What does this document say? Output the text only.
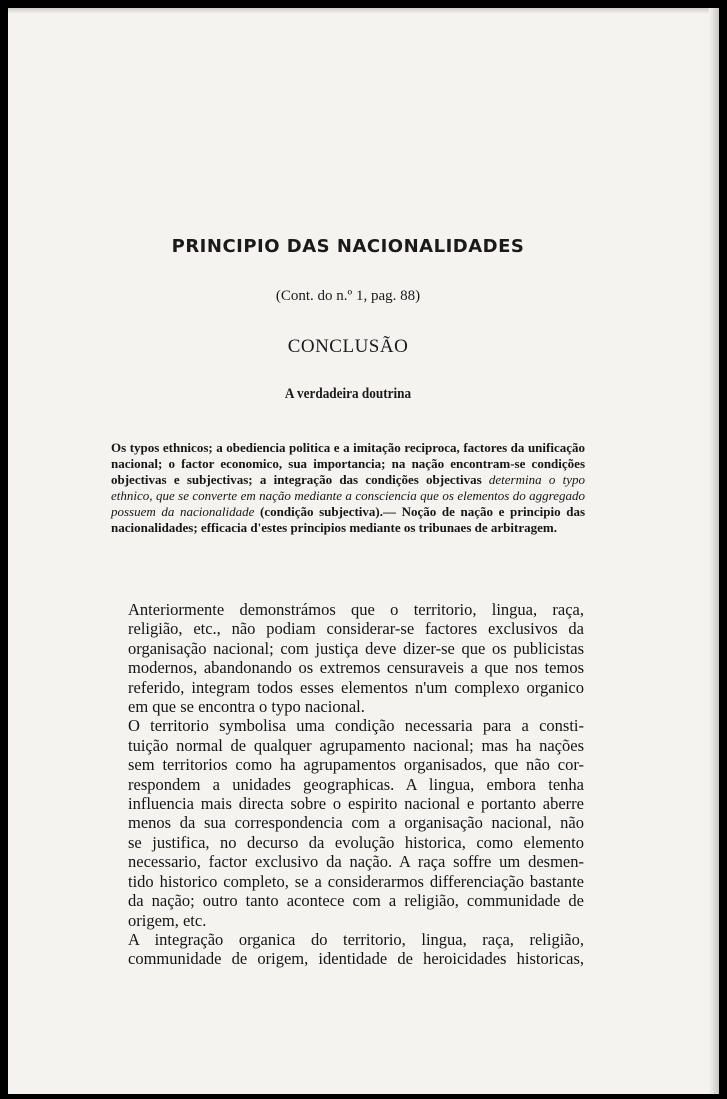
PRINCIPIO DAS NACIONALIDADES
(Cont. do n.º 1, pag. 88)
CONCLUSÃO
A verdadeira doutrina
Os typos ethnicos; a obediencia politica e a imitação reciproca, factores da unificação nacional; o factor economico, sua importancia; na nação encontram-se condições objectivas e subjectivas; a integração das condições objectivas determina o typo ethnico, que se converte em nação mediante a consciencia que os elementos do aggregado possuem da nacionalidade (condição subjectiva).— Noção de nação e principio das nacionalidades; efficacia d'estes principios mediante os tribunaes de arbitragem.

Anteriormente demonstrámos que o territorio, lingua, raça,
religião, etc., não podiam considerar-se factores exclusivos da
organisação nacional; com justiça deve dizer-se que os publicistas
modernos, abandonando os extremos censuraveis a que nos temos
referido, integram todos esses elementos n'um complexo organico
em que se encontra o typo nacional.

O territorio symbolisa uma condição necessaria para a consti-
tuição normal de qualquer agrupamento nacional; mas ha nações
sem territorios como ha agrupamentos organisados, que não cor-
respondem a unidades geographicas. A lingua, embora tenha
influencia mais directa sobre o espirito nacional e portanto aberre
menos da sua correspondencia com a organisação nacional, não
se justifica, no decurso da evolução historica, como elemento
necessario, factor exclusivo da nação. A raça soffre um desmen-
tido historico completo, se a considerarmos differenciação bastante
da nação; outro tanto acontece com a religião, communidade de
origem, etc.

A integração organica do territorio, lingua, raça, religião,
communidade de origem, identidade de heroicidades historicas,
